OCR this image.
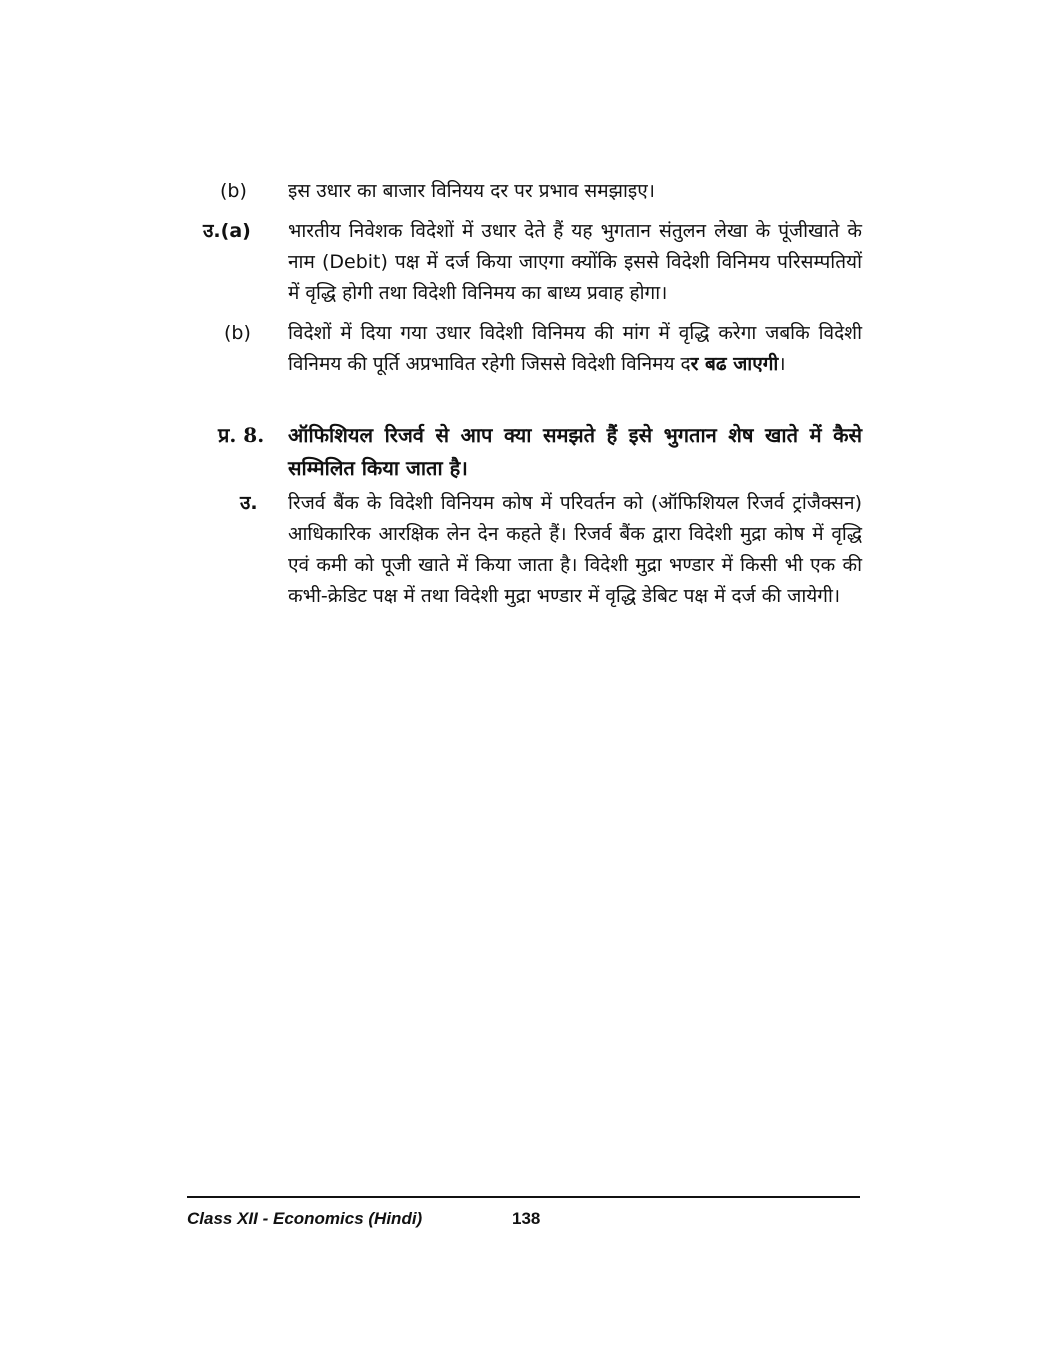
(b)	इस उधार का बाजार विनियय दर पर प्रभाव समझाइए।
उ.(a)	भारतीय निवेशक विदेशों में उधार देते हैं यह भुगतान संतुलन लेखा के पूंजीखाते के नाम (Debit) पक्ष में दर्ज किया जाएगा क्योंकि इससे विदेशी विनिमय परिसम्पतियों में वृद्धि होगी तथा विदेशी विनिमय का बाध्य प्रवाह होगा।
(b)	विदेशों में दिया गया उधार विदेशी विनिमय की मांग में वृद्धि करेगा जबकि विदेशी विनिमय की पूर्ति अप्रभावित रहेगी जिससे विदेशी विनिमय दर बढ जाएगी।
प्र. 8.	ऑफिशियल रिजर्व से आप क्या समझते हैं इसे भुगतान शेष खाते में कैसे सम्मिलित किया जाता है।
उ.	रिजर्व बैंक के विदेशी विनियम कोष में परिवर्तन को (ऑफिशियल रिजर्व ट्रांजैक्सन) आधिकारिक आरक्षिक लेन देन कहते हैं। रिजर्व बैंक द्वारा विदेशी मुद्रा कोष में वृद्धि एवं कमी को पूजी खाते में किया जाता है। विदेशी मुद्रा भण्डार में किसी भी एक की कभी-क्रेडिट पक्ष में तथा विदेशी मुद्रा भण्डार में वृद्धि डेबिट पक्ष में दर्ज की जायेगी।
Class XII - Economics (Hindi)	138
